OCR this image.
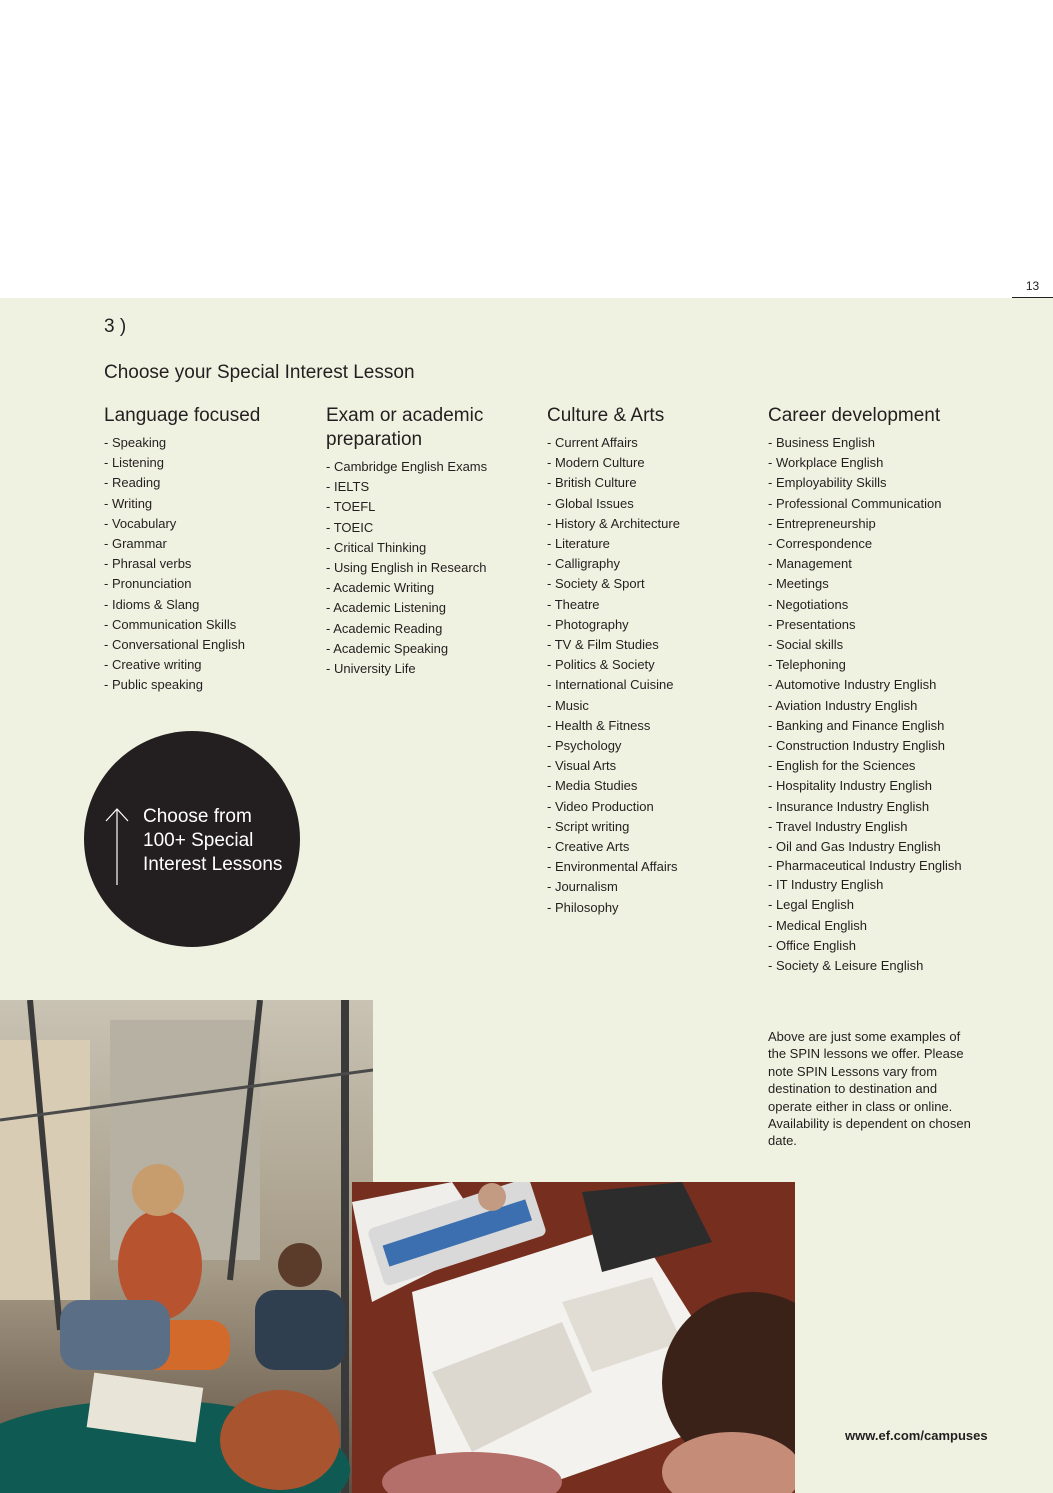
13
3 )
Choose your Special Interest Lesson
Language focused
- Speaking
- Listening
- Reading
- Writing
- Vocabulary
- Grammar
- Phrasal verbs
- Pronunciation
- Idioms & Slang
- Communication Skills
- Conversational English
- Creative writing
- Public speaking
Exam or academic preparation
- Cambridge English Exams
- IELTS
- TOEFL
- TOEIC
- Critical Thinking
- Using English in Research
- Academic Writing
- Academic Listening
- Academic Reading
- Academic Speaking
- University Life
Culture & Arts
- Current Affairs
- Modern Culture
- British Culture
- Global Issues
- History & Architecture
- Literature
- Calligraphy
- Society & Sport
- Theatre
- Photography
- TV & Film Studies
- Politics & Society
- International Cuisine
- Music
- Health & Fitness
- Psychology
- Visual Arts
- Media Studies
- Video Production
- Script writing
- Creative Arts
- Environmental Affairs
- Journalism
- Philosophy
Career development
- Business English
- Workplace English
- Employability Skills
- Professional Communication
- Entrepreneurship
- Correspondence
- Management
- Meetings
- Negotiations
- Presentations
- Social skills
- Telephoning
- Automotive Industry English
- Aviation Industry English
- Banking and Finance English
- Construction Industry English
- English for the Sciences
- Hospitality Industry English
- Insurance Industry English
- Travel Industry English
- Oil and Gas Industry English
- Pharmaceutical Industry English
- IT Industry English
- Legal English
- Medical English
- Office English
- Society & Leisure English
Above are just some examples of the SPIN lessons we offer. Please note SPIN Lessons vary from destination to destination and operate either in class or online. Availability is dependent on chosen date.
Choose from 100+ Special Interest Lessons
www.ef.com/campuses
